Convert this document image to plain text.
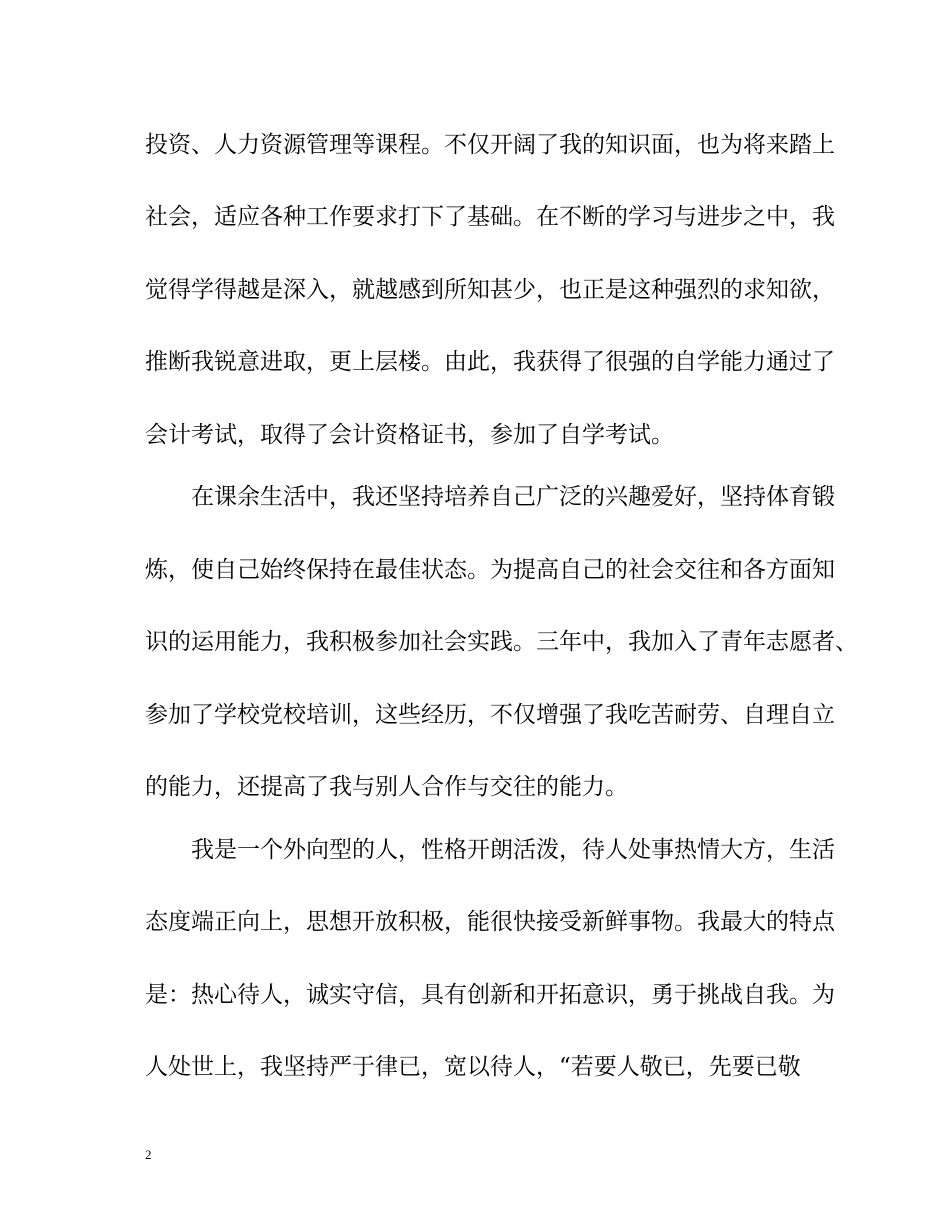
投资、人力资源管理等课程。不仅开阔了我的知识面，也为将来踏上
社会，适应各种工作要求打下了基础。在不断的学习与进步之中，我
觉得学得越是深入，就越感到所知甚少，也正是这种强烈的求知欲，
推断我锐意进取，更上层楼。由此，我获得了很强的自学能力通过了
会计考试，取得了会计资格证书，参加了自学考试。
在课余生活中，我还坚持培养自己广泛的兴趣爱好，坚持体育锻
炼，使自己始终保持在最佳状态。为提高自己的社会交往和各方面知
识的运用能力，我积极参加社会实践。三年中，我加入了青年志愿者、
参加了学校党校培训，这些经历，不仅增强了我吃苦耐劳、自理自立
的能力，还提高了我与别人合作与交往的能力。
我是一个外向型的人，性格开朗活泼，待人处事热情大方，生活
态度端正向上，思想开放积极，能很快接受新鲜事物。我最大的特点
是：热心待人，诚实守信，具有创新和开拓意识，勇于挑战自我。为
人处世上，我坚持严于律已，宽以待人，“若要人敬已，先要已敬
2
